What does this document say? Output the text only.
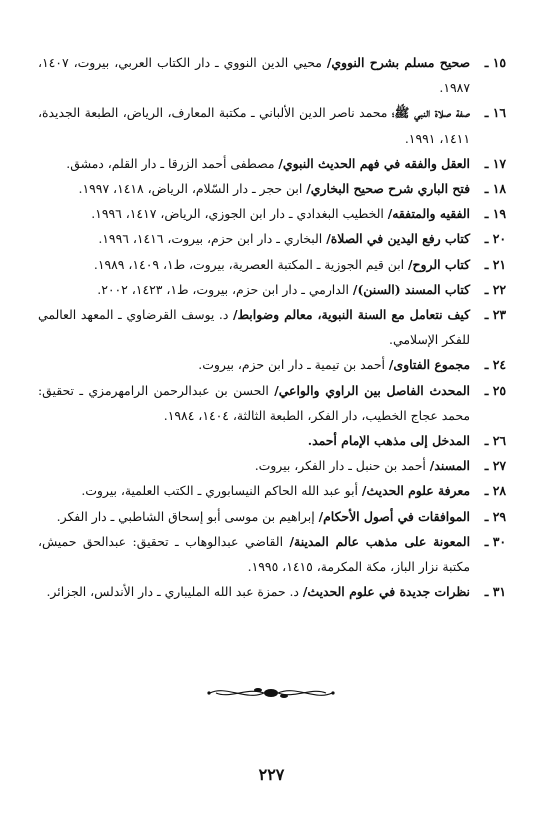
١٥ ـ
صحيح مسلم بشرح النووي/ محيي الدين النووي ـ دار الكتاب العربي، بيروت، ١٤٠٧، ١٩٨٧.

١٦ ـ
صفة صلاة النبي ﷺ؛ محمد ناصر الدين الألباني ـ مكتبة المعارف، الرياض، الطبعة الجديدة، ١٤١١، ١٩٩١.

١٧ ـ
العقل والفقه في فهم الحديث النبوي/ مصطفى أحمد الزرقا ـ دار القلم، دمشق.

١٨ ـ
فتح الباري شرح صحيح البخاري/ ابن حجر ـ دار السّلام، الرياض، ١٤١٨، ١٩٩٧.

١٩ ـ
الفقيه والمتفقه/ الخطيب البغدادي ـ دار ابن الجوزي، الرياض، ١٤١٧، ١٩٩٦.

٢٠ ـ
كتاب رفع اليدين في الصلاة/ البخاري ـ دار ابن حزم، بيروت، ١٤١٦، ١٩٩٦.

٢١ ـ
كتاب الروح/ ابن قيم الجوزية ـ المكتبة العصرية، بيروت، ط١، ١٤٠٩، ١٩٨٩.

٢٢ ـ
كتاب المسند (السنن)/ الدارمي ـ دار ابن حزم، بيروت، ط١، ١٤٢٣، ٢٠٠٢.

٢٣ ـ
كيف نتعامل مع السنة النبوية، معالم وضوابط/ د. يوسف القرضاوي ـ المعهد العالمي للفكر الإسلامي.

٢٤ ـ
مجموع الفتاوى/ أحمد بن تيمية ـ دار ابن حزم، بيروت.

٢٥ ـ
المحدث الفاصل بين الراوي والواعي/ الحسن بن عبدالرحمن الرامهرمزي ـ تحقيق: محمد عجاج الخطيب، دار الفكر، الطبعة الثالثة، ١٤٠٤، ١٩٨٤.

٢٦ ـ
المدخل إلى مذهب الإمام أحمد.

٢٧ ـ
المسند/ أحمد بن حنبل ـ دار الفكر، بيروت.

٢٨ ـ
معرفة علوم الحديث/ أبو عبد الله الحاكم النيسابوري ـ الكتب العلمية، بيروت.

٢٩ ـ
الموافقات في أصول الأحكام/ إبراهيم بن موسى أبو إسحاق الشاطبي ـ دار الفكر.

٣٠ ـ
المعونة على مذهب عالم المدينة/ القاضي عبدالوهاب ـ تحقيق: عبدالحق حميش، مكتبة نزار الباز، مكة المكرمة، ١٤١٥، ١٩٩٥.

٣١ ـ
نظرات جديدة في علوم الحديث/ د. حمزة عبد الله المليباري ـ دار الأندلس، الجزائر.

٢٢٧
